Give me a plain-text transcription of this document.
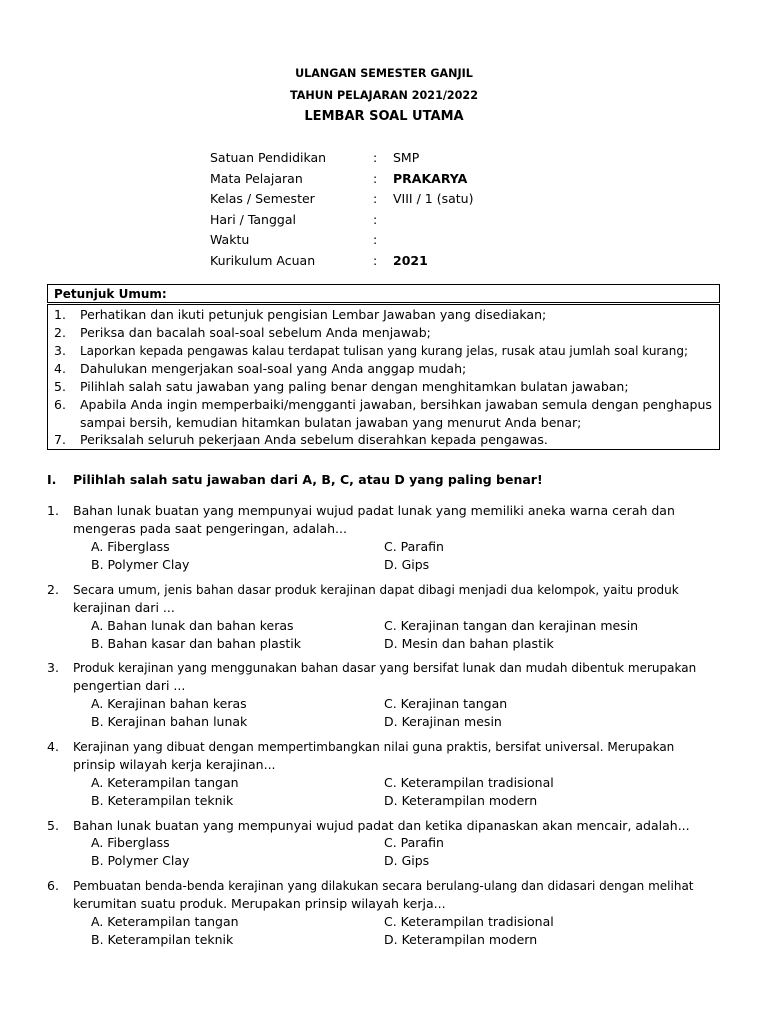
ULANGAN SEMESTER GANJIL
TAHUN PELAJARAN 2021/2022
LEMBAR SOAL UTAMA
Satuan Pendidikan	: SMP
Mata Pelajaran	: PRAKARYA
Kelas / Semester	: VIII / 1 (satu)
Hari / Tanggal	:
Waktu	:
Kurikulum Acuan	: 2021
Petunjuk Umum:
1. Perhatikan dan ikuti petunjuk pengisian Lembar Jawaban yang disediakan;
2. Periksa dan bacalah soal-soal sebelum Anda menjawab;
3. Laporkan kepada pengawas kalau terdapat tulisan yang kurang jelas, rusak atau jumlah soal kurang;
4. Dahulukan mengerjakan soal-soal yang Anda anggap mudah;
5. Pilihlah salah satu jawaban yang paling benar dengan menghitamkan bulatan jawaban;
6. Apabila Anda ingin memperbaiki/mengganti jawaban, bersihkan jawaban semula dengan penghapus
sampai bersih, kemudian hitamkan bulatan jawaban yang menurut Anda benar;
7. Periksalah seluruh pekerjaan Anda sebelum diserahkan kepada pengawas.
I. Pilihlah salah satu jawaban dari A, B, C, atau D yang paling benar!
1. Bahan lunak buatan yang mempunyai wujud padat lunak yang memiliki aneka warna cerah dan
mengeras pada saat pengeringan, adalah...
A. Fiberglass
B. Polymer Clay
C. Parafin
D. Gips
2. Secara umum, jenis bahan dasar produk kerajinan dapat dibagi menjadi dua kelompok, yaitu produk
kerajinan dari ...
A. Bahan lunak dan bahan keras
B. Bahan kasar dan bahan plastik
C. Kerajinan tangan dan kerajinan mesin
D. Mesin dan bahan plastik
3. Produk kerajinan yang menggunakan bahan dasar yang bersifat lunak dan mudah dibentuk merupakan
pengertian dari ...
A. Kerajinan bahan keras
B. Kerajinan bahan lunak
C. Kerajinan tangan
D. Kerajinan mesin
4. Kerajinan yang dibuat dengan mempertimbangkan nilai guna praktis, bersifat universal. Merupakan
prinsip wilayah kerja kerajinan...
A. Keterampilan tangan
B. Keterampilan teknik
C. Keterampilan tradisional
D. Keterampilan modern
5. Bahan lunak buatan yang mempunyai wujud padat dan ketika dipanaskan akan mencair, adalah...
A. Fiberglass
B. Polymer Clay
C. Parafin
D. Gips
6. Pembuatan benda-benda kerajinan yang dilakukan secara berulang-ulang dan didasari dengan melihat
kerumitan suatu produk. Merupakan prinsip wilayah kerja...
A. Keterampilan tangan
B. Keterampilan teknik
C. Keterampilan tradisional
D. Keterampilan modern
